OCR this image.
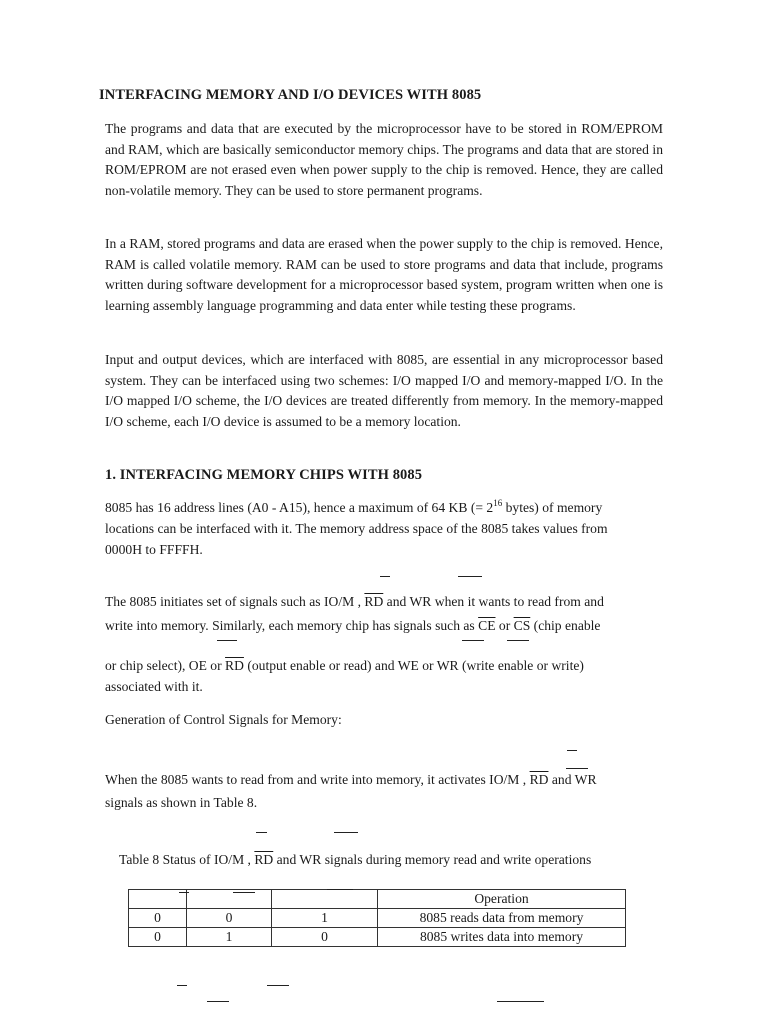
INTERFACING MEMORY AND I/O DEVICES WITH 8085
The programs and data that are executed by the microprocessor have to be stored in ROM/EPROM and RAM, which are basically semiconductor memory chips. The programs and data that are stored in ROM/EPROM are not erased even when power supply to the chip is removed. Hence, they are called non-volatile memory. They can be used to store permanent programs.
In a RAM, stored programs and data are erased when the power supply to the chip is removed. Hence, RAM is called volatile memory. RAM can be used to store programs and data that include, programs written during software development for a microprocessor based system, program written when one is learning assembly language programming and data enter while testing these programs.
Input and output devices, which are interfaced with 8085, are essential in any microprocessor based system. They can be interfaced using two schemes: I/O mapped I/O and memory-mapped I/O. In the I/O mapped I/O scheme, the I/O devices are treated differently from memory. In the memory-mapped I/O scheme, each I/O device is assumed to be a memory location.
1. INTERFACING MEMORY CHIPS WITH 8085
8085 has 16 address lines (A0 - A15), hence a maximum of 64 KB (= $2^{16}$ bytes) of memory
locations can be interfaced with it. The memory address space of the 8085 takes values from
0000H to FFFFH.
The 8085 initiates set of signals such as IO/M , $\overline{RD}$ and WR when it wants to read from and
write into memory. Similarly, each memory chip has signals such as $\overline{CE}$ or $\overline{CS}$ (chip enable
or chip select), OE or $\overline{RD}$ (output enable or read) and WE or WR (write enable or write)
associated with it.
Generation of Control Signals for Memory:
When the 8085 wants to read from and write into memory, it activates IO/M , $\overline{RD}$ and WR
signals as shown in Table 8.
Table 8 Status of IO/M , $\overline{RD}$ and WR signals during memory read and write operations
			Operation
0	0	1	8085 reads data from memory
0	1	0	8085 writes data into memory
